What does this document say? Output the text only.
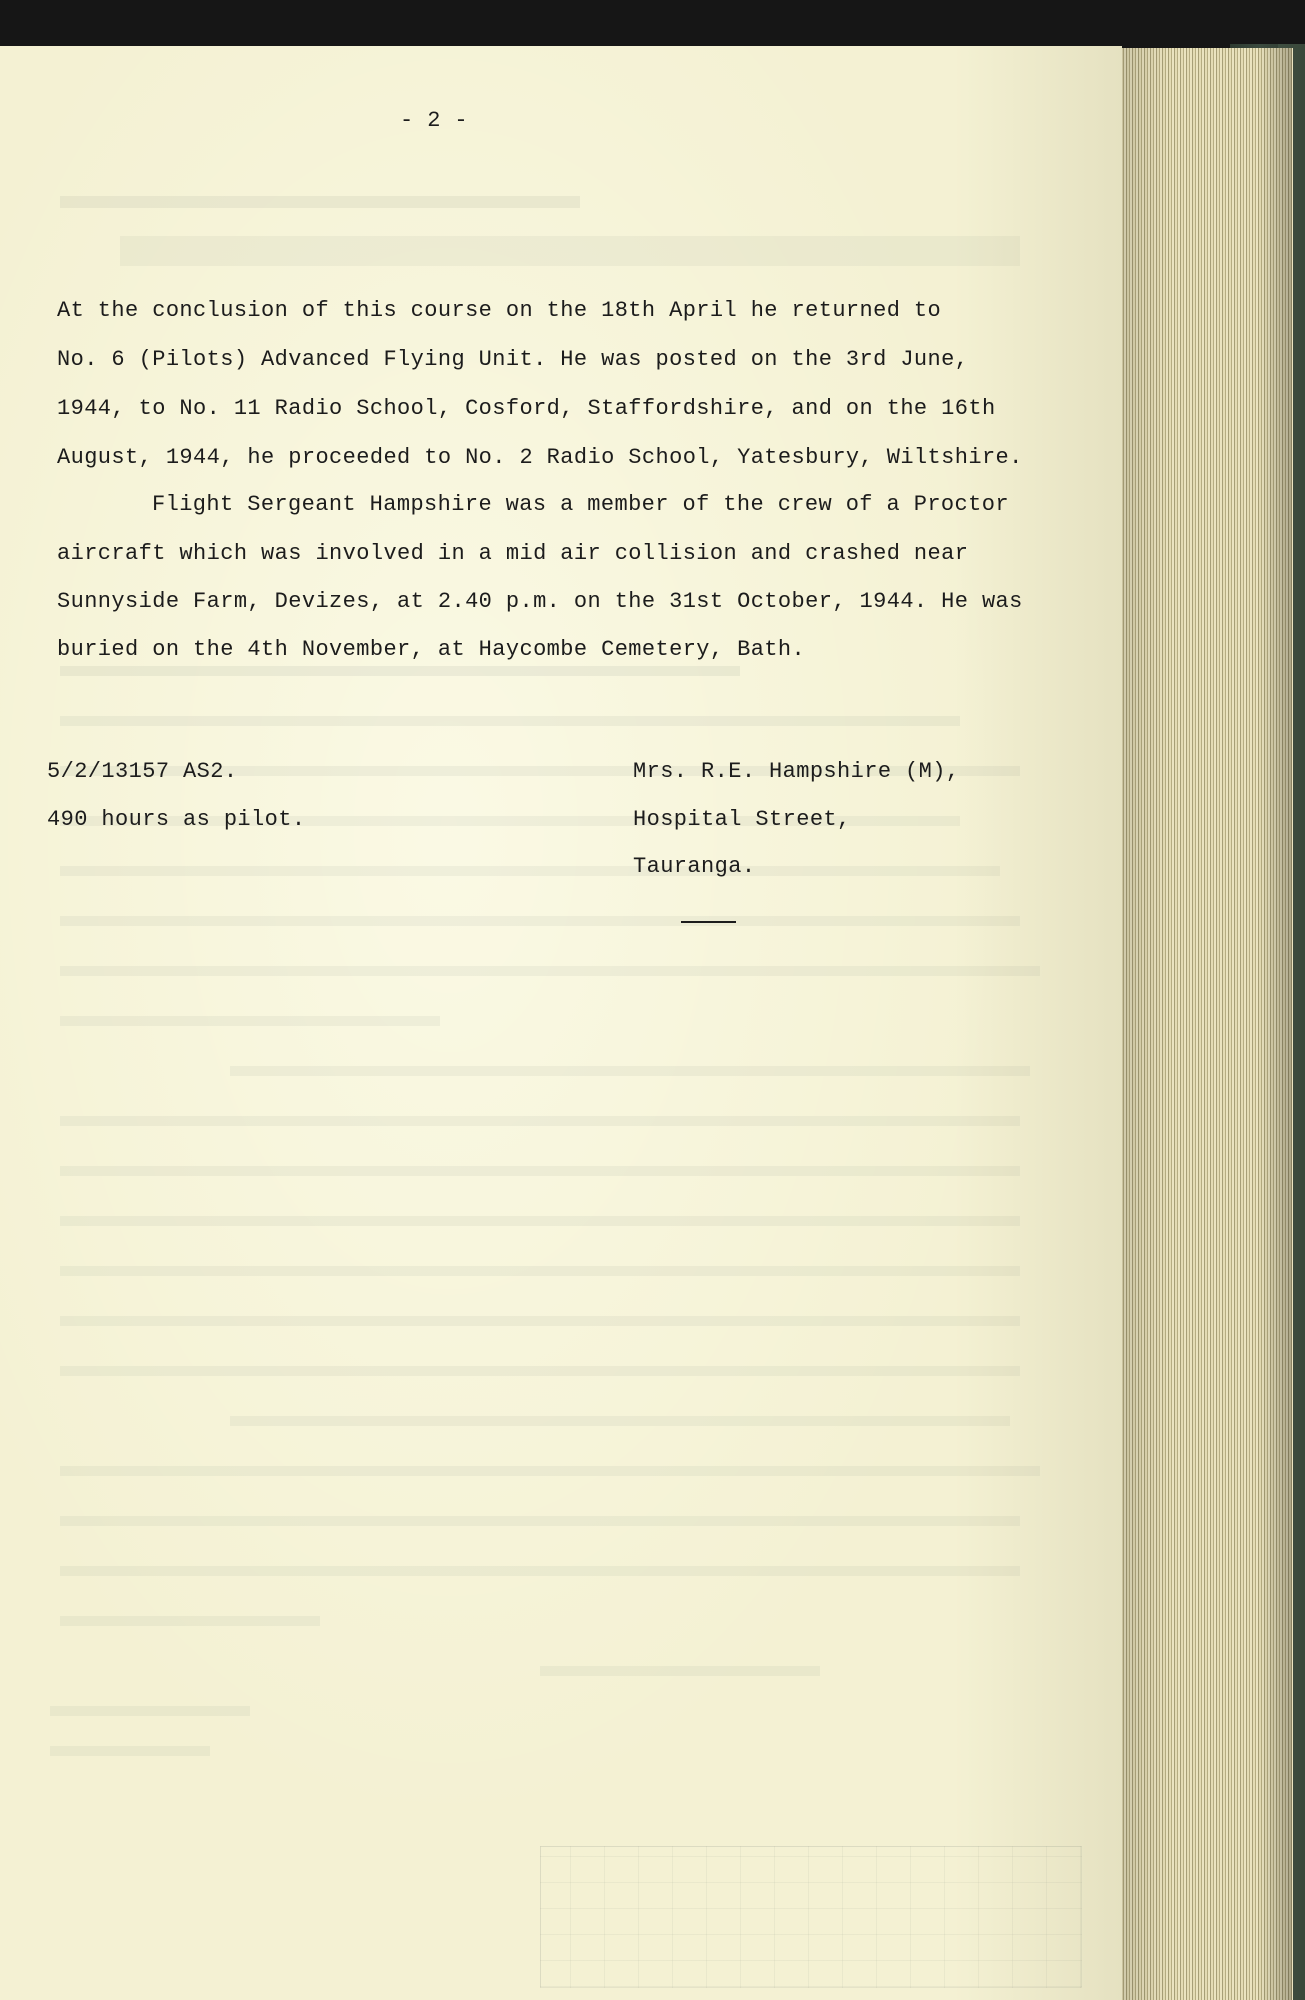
- 2 -
At the conclusion of this course on the 18th April he returned to
No. 6 (Pilots) Advanced Flying Unit. He was posted on the 3rd June,
1944, to No. 11 Radio School, Cosford, Staffordshire, and on the 16th
August, 1944, he proceeded to No. 2 Radio School, Yatesbury, Wiltshire.
Flight Sergeant Hampshire was a member of the crew of a Proctor
aircraft which was involved in a mid air collision and crashed near
Sunnyside Farm, Devizes, at 2.40 p.m. on the 31st October, 1944. He was
buried on the 4th November, at Haycombe Cemetery, Bath.
5/2/13157 AS2.
490 hours as pilot.
Mrs. R.E. Hampshire (M),
Hospital Street,
Tauranga.
